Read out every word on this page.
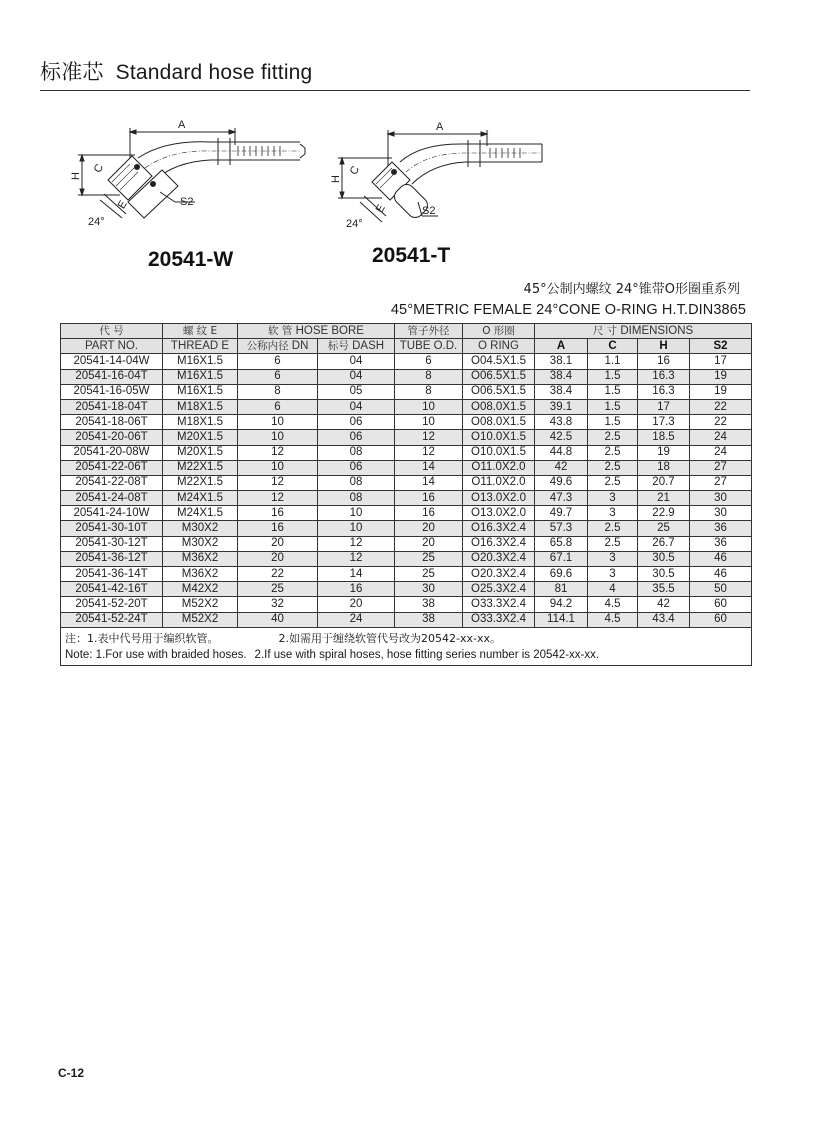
标准芯 Standard hose fitting
A
H
C
E	S2
24°
20541-W
A
H
C
E	S2
24°
20541-T
45°公制内螺纹 24°锥带O形圈重系列
45°METRIC FEMALE 24°CONE O-RING H.T.DIN3865
代 号	螺 纹 E	软 管 HOSE BORE		管子外径	O 形圈	尺 寸 DIMENSIONS			
PART NO.	THREAD E	公称内径 DN	标号 DASH	TUBE O.D.	O RING	A	C	H	S2
20541-14-04W	M16X1.5	6	04	6	O04.5X1.5	38.1	1.1	16	17
20541-16-04T	M16X1.5	6	04	8	O06.5X1.5	38.4	1.5	16.3	19
20541-16-05W	M16X1.5	8	05	8	O06.5X1.5	38.4	1.5	16.3	19
20541-18-04T	M18X1.5	6	04	10	O08.0X1.5	39.1	1.5	17	22
20541-18-06T	M18X1.5	10	06	10	O08.0X1.5	43.8	1.5	17.3	22
20541-20-06T	M20X1.5	10	06	12	O10.0X1.5	42.5	2.5	18.5	24
20541-20-08W	M20X1.5	12	08	12	O10.0X1.5	44.8	2.5	19	24
20541-22-06T	M22X1.5	10	06	14	O11.0X2.0	42	2.5	18	27
20541-22-08T	M22X1.5	12	08	14	O11.0X2.0	49.6	2.5	20.7	27
20541-24-08T	M24X1.5	12	08	16	O13.0X2.0	47.3	3	21	30
20541-24-10W	M24X1.5	16	10	16	O13.0X2.0	49.7	3	22.9	30
20541-30-10T	M30X2	16	10	20	O16.3X2.4	57.3	2.5	25	36
20541-30-12T	M30X2	20	12	20	O16.3X2.4	65.8	2.5	26.7	36
20541-36-12T	M36X2	20	12	25	O20.3X2.4	67.1	3	30.5	46
20541-36-14T	M36X2	22	14	25	O20.3X2.4	69.6	3	30.5	46
20541-42-16T	M42X2	25	16	30	O25.3X2.4	81	4	35.5	50
20541-52-20T	M52X2	32	20	38	O33.3X2.4	94.2	4.5	42	60
20541-52-24T	M52X2	40	24	38	O33.3X2.4	114.1	4.5	43.4	60

注：1.表中代号用于编织软管。 2.如需用于缠绕软管代号改为20542-xx-xx。
Note: 1.For use with braided hoses. 2.If use with spiral hoses, hose fitting series number is 20542-xx-xx.									
C-12
